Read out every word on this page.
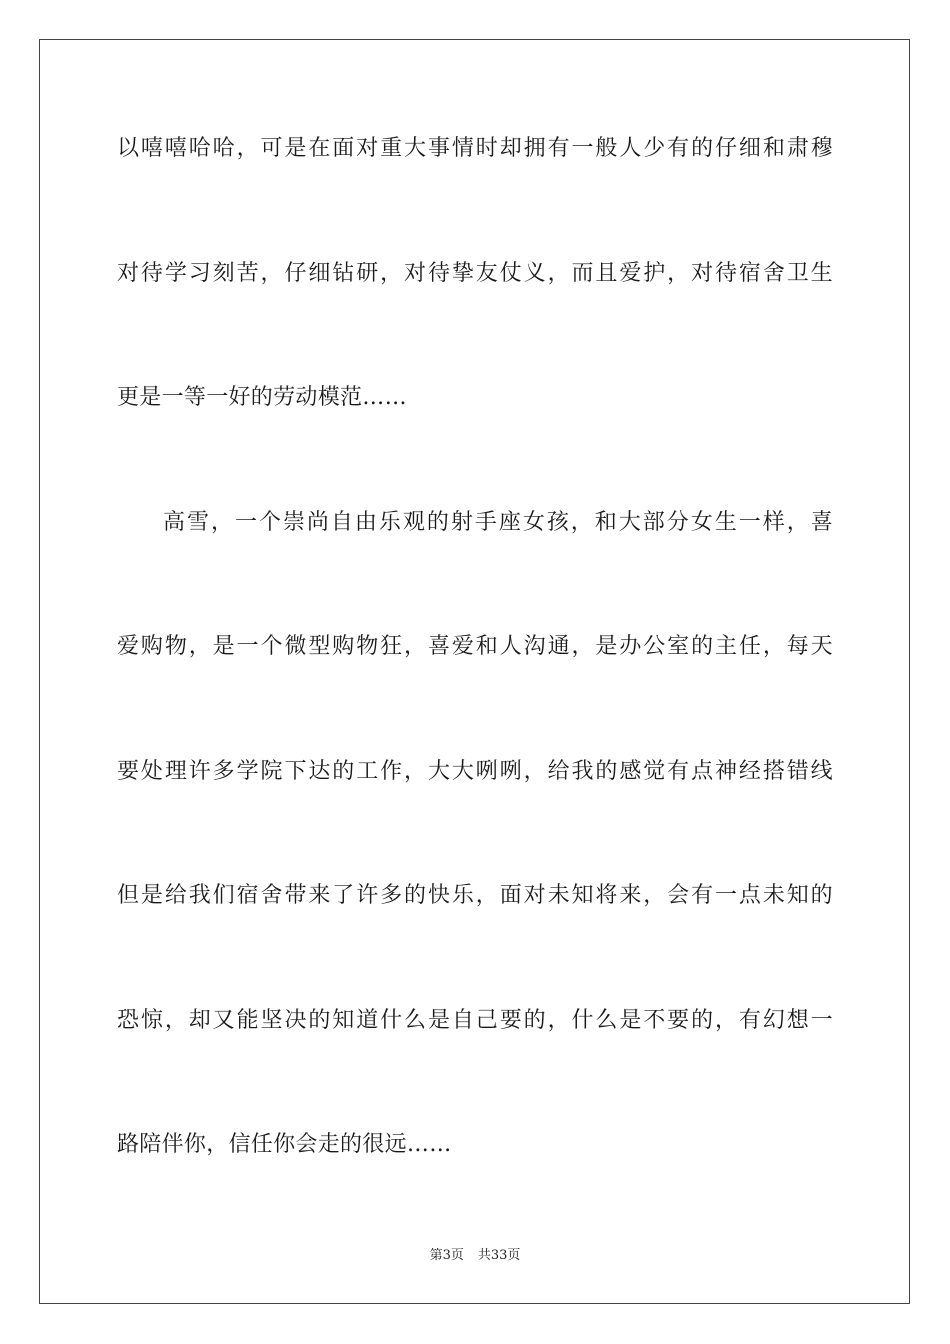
以嘻嘻哈哈，可是在面对重大事情时却拥有一般人少有的仔细和肃穆
对待学习刻苦，仔细钻研，对待挚友仗义，而且爱护，对待宿舍卫生
更是一等一好的劳动模范……
高雪，一个崇尚自由乐观的射手座女孩，和大部分女生一样，喜
爱购物，是一个微型购物狂，喜爱和人沟通，是办公室的主任，每天
要处理许多学院下达的工作，大大咧咧，给我的感觉有点神经搭错线
但是给我们宿舍带来了许多的快乐，面对未知将来，会有一点未知的
恐惊，却又能坚决的知道什么是自己要的，什么是不要的，有幻想一
路陪伴你，信任你会走的很远……
第3页 共33页
